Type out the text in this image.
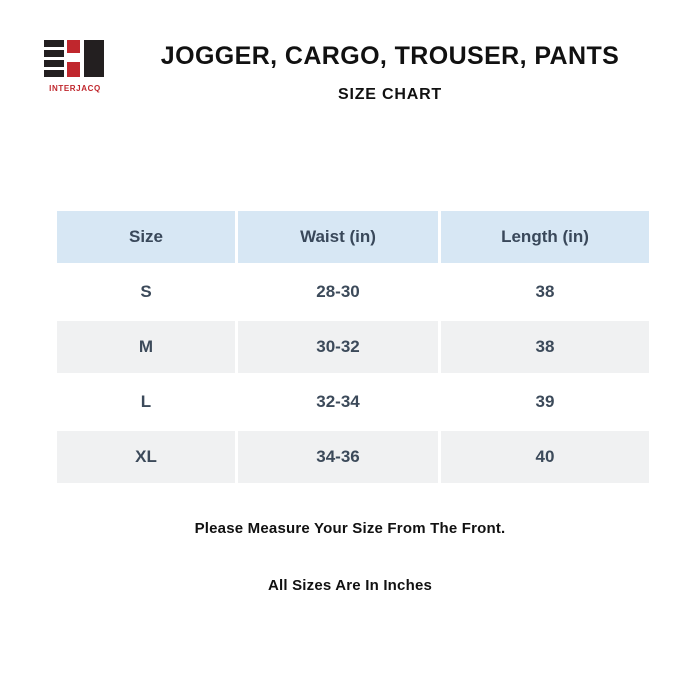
INTERJACQ
JOGGER, CARGO, TROUSER, PANTS
SIZE CHART
Size	Waist (in)	Length (in)
S	28-30	38
M	30-32	38
L	32-34	39
XL	34-36	40
Please Measure Your Size From The Front.
All Sizes Are In Inches
